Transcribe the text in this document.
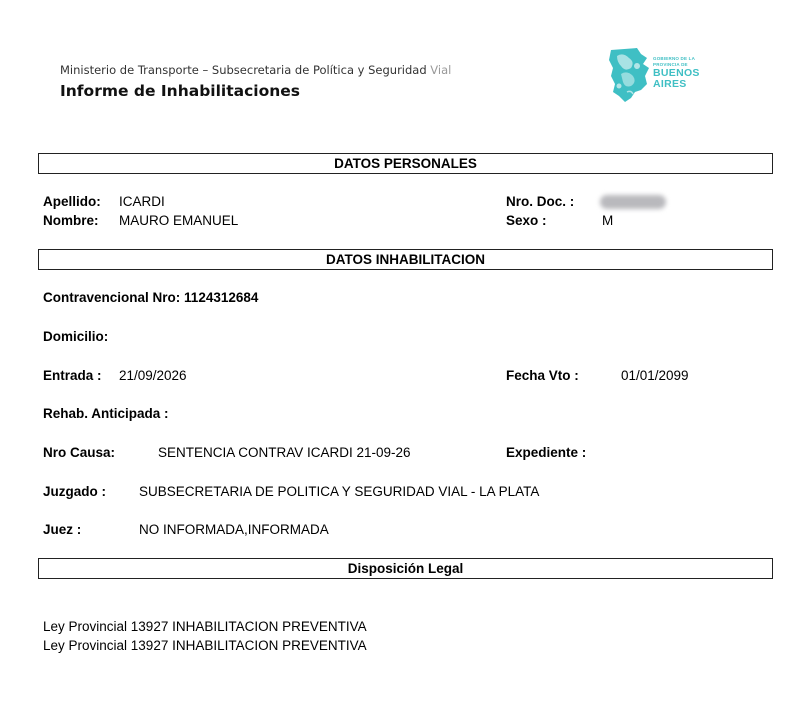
Ministerio de Transporte – Subsecretaria de Política y Seguridad Vial
Informe de Inhabilitaciones
GOBIERNO DE LA
PROVINCIA DE
BUENOS
AIRES
DATOS PERSONALES
Apellido: ICARDI	Nro. Doc. :
Nombre: MAURO EMANUEL	Sexo :	M
DATOS INHABILITACION
Contravencional Nro: 1124312684
Domicilio:
Entrada : 21/09/2026	Fecha Vto :	01/01/2099
Rehab. Anticipada :
Nro Causa:	SENTENCIA CONTRAV ICARDI 21-09-26	Expediente :
Juzgado : SUBSECRETARIA DE POLITICA Y SEGURIDAD VIAL - LA PLATA
Juez :	NO INFORMADA,INFORMADA
Disposición Legal
Ley Provincial 13927 INHABILITACION PREVENTIVA
Ley Provincial 13927 INHABILITACION PREVENTIVA
